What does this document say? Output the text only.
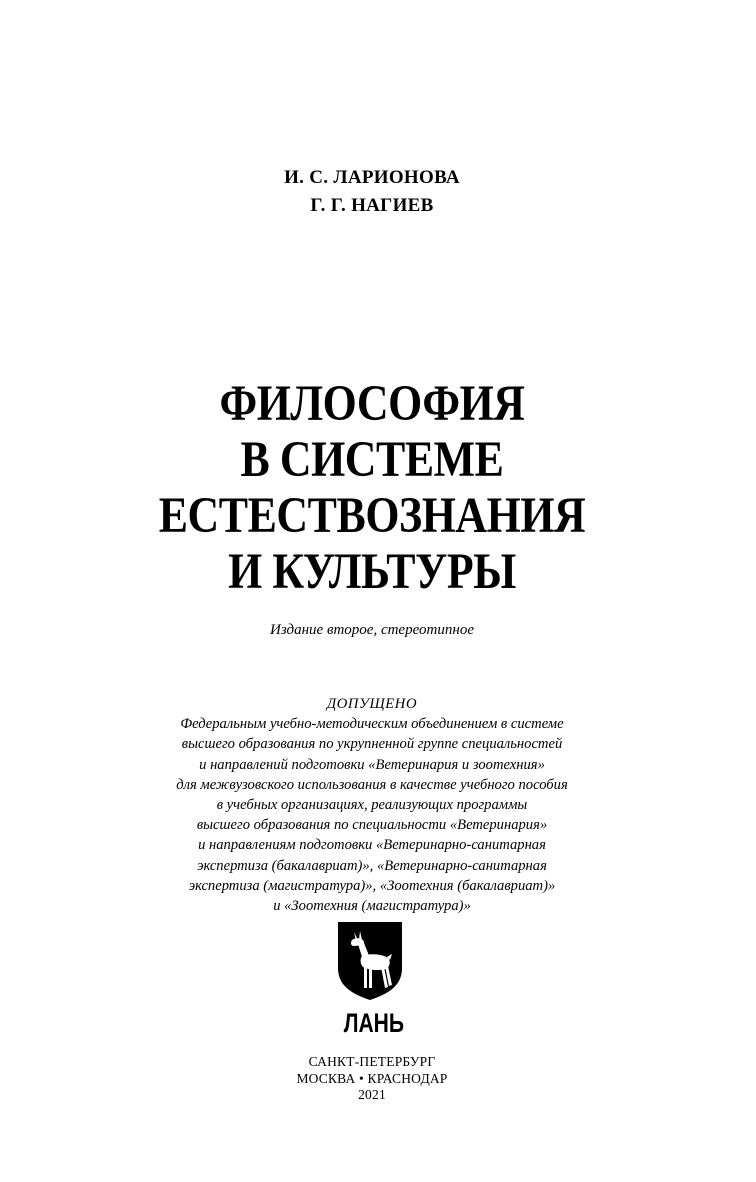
И. С. ЛАРИОНОВА
Г. Г. НАГИЕВ
ФИЛОСОФИЯ
В СИСТЕМЕ
ЕСТЕСТВОЗНАНИЯ
И КУЛЬТУРЫ
Издание второе, стереотипное
ДОПУЩЕНО
Федеральным учебно-методическим объединением в системе
высшего образования по укрупненной группе специальностей
и направлений подготовки «Ветеринария и зоотехния»
для межвузовского использования в качестве учебного пособия
в учебных организациях, реализующих программы
высшего образования по специальности «Ветеринария»
и направлениям подготовки «Ветеринарно-санитарная
экспертиза (бакалавриат)», «Ветеринарно-санитарная
экспертиза (магистратура)», «Зоотехния (бакалавриат)»
и «Зоотехния (магистратура)»
ЛАНЬ
САНКТ-ПЕТЕРБУРГ
МОСКВА • КРАСНОДАР
2021
